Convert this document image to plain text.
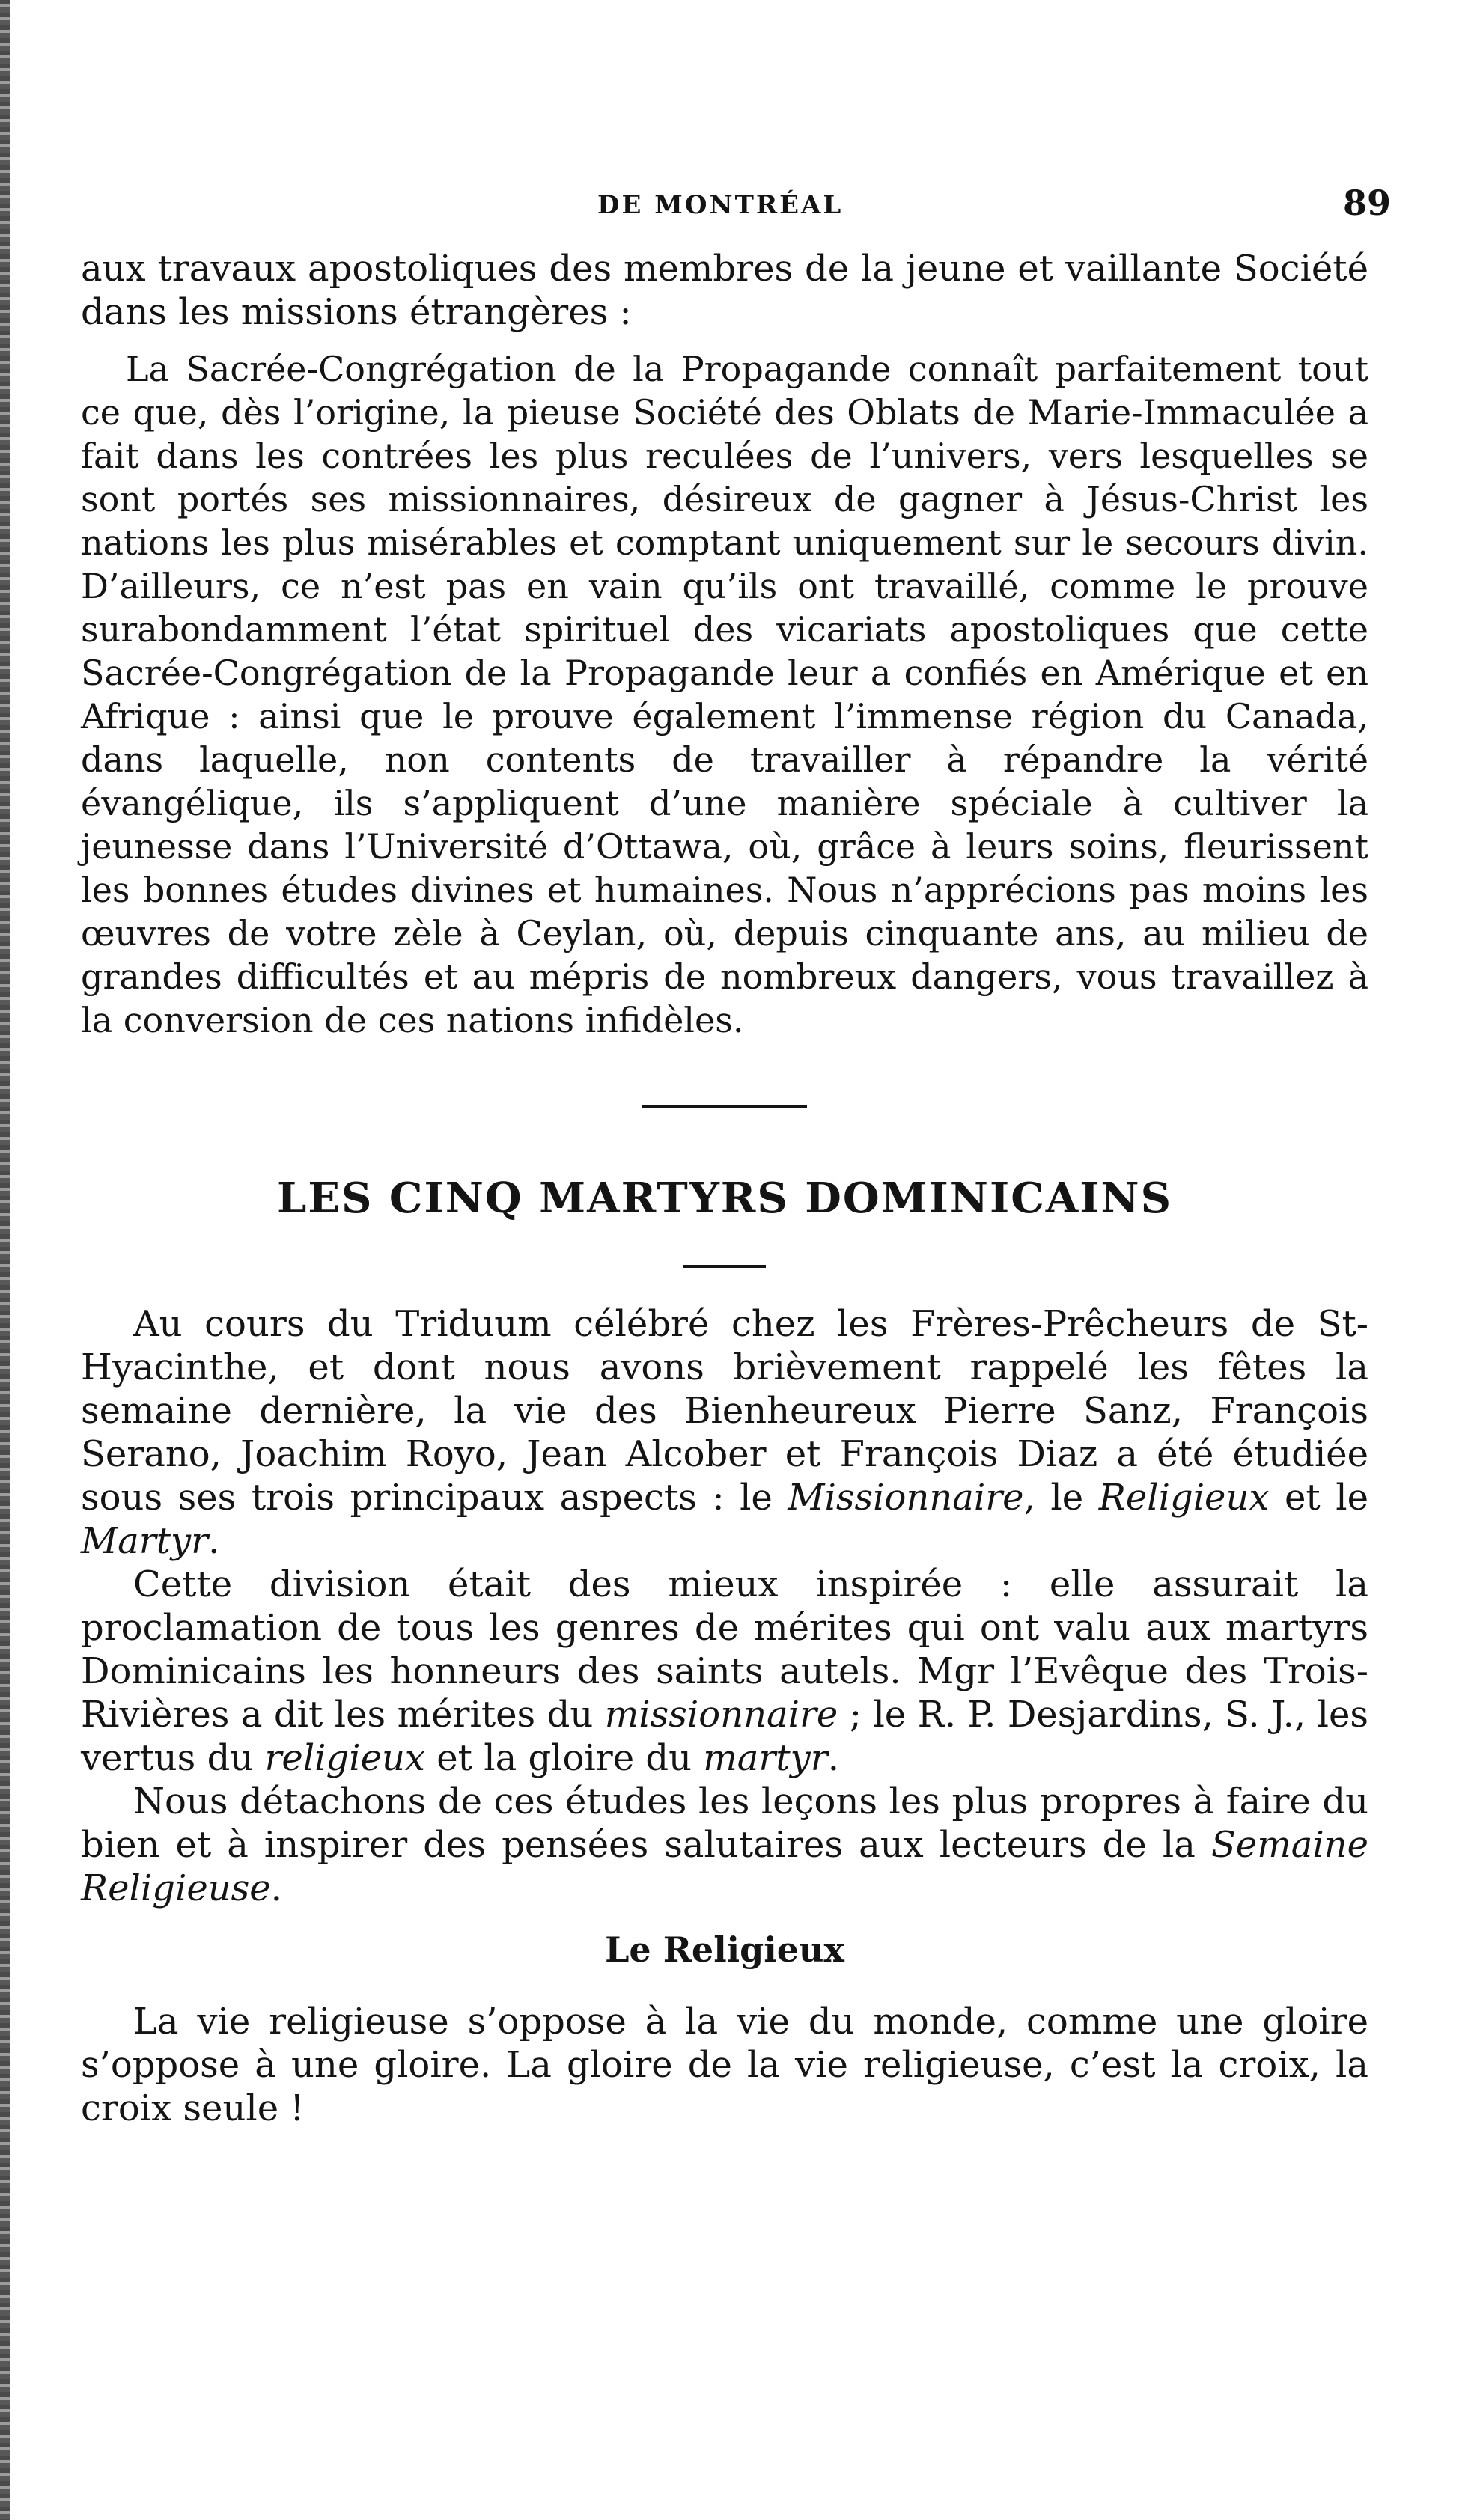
DE MONTRÉAL	89

aux travaux apostoliques des membres de la jeune et vaillante Société dans les missions étrangères :

La Sacrée-Congrégation de la Propagande connaît parfaitement tout ce que, dès l’origine, la pieuse Société des Oblats de Marie-Immaculée a fait dans les contrées les plus reculées de l’univers, vers lesquelles se sont portés ses missionnaires, désireux de gagner à Jésus-Christ les nations les plus misérables et comptant uniquement sur le secours divin. D’ailleurs, ce n’est pas en vain qu’ils ont travaillé, comme le prouve surabondamment l’état spirituel des vicariats apostoliques que cette Sacrée-Congrégation de la Propagande leur a confiés en Amérique et en Afrique : ainsi que le prouve également l’immense région du Canada, dans laquelle, non contents de travailler à répandre la vérité évangélique, ils s’appliquent d’une manière spéciale à cultiver la jeunesse dans l’Université d’Ottawa, où, grâce à leurs soins, fleurissent les bonnes études divines et humaines. Nous n’apprécions pas moins les œuvres de votre zèle à Ceylan, où, depuis cinquante ans, au milieu de grandes difficultés et au mépris de nombreux dangers, vous travaillez à la conversion de ces nations infidèles.

LES CINQ MARTYRS DOMINICAINS

Au cours du Triduum célébré chez les Frères-Prêcheurs de St-Hyacinthe, et dont nous avons brièvement rappelé les fêtes la semaine dernière, la vie des Bienheureux Pierre Sanz, François Serano, Joachim Royo, Jean Alcober et François Diaz a été étudiée sous ses trois principaux aspects : le Missionnaire, le Religieux et le Martyr.

Cette division était des mieux inspirée : elle assurait la proclamation de tous les genres de mérites qui ont valu aux martyrs Dominicains les honneurs des saints autels. Mgr l’Evêque des Trois-Rivières a dit les mérites du missionnaire ; le R. P. Desjardins, S. J., les vertus du religieux et la gloire du martyr.

Nous détachons de ces études les leçons les plus propres à faire du bien et à inspirer des pensées salutaires aux lecteurs de la Semaine Religieuse.

Le Religieux

La vie religieuse s’oppose à la vie du monde, comme une gloire s’oppose à une gloire. La gloire de la vie religieuse, c’est la croix, la croix seule !
